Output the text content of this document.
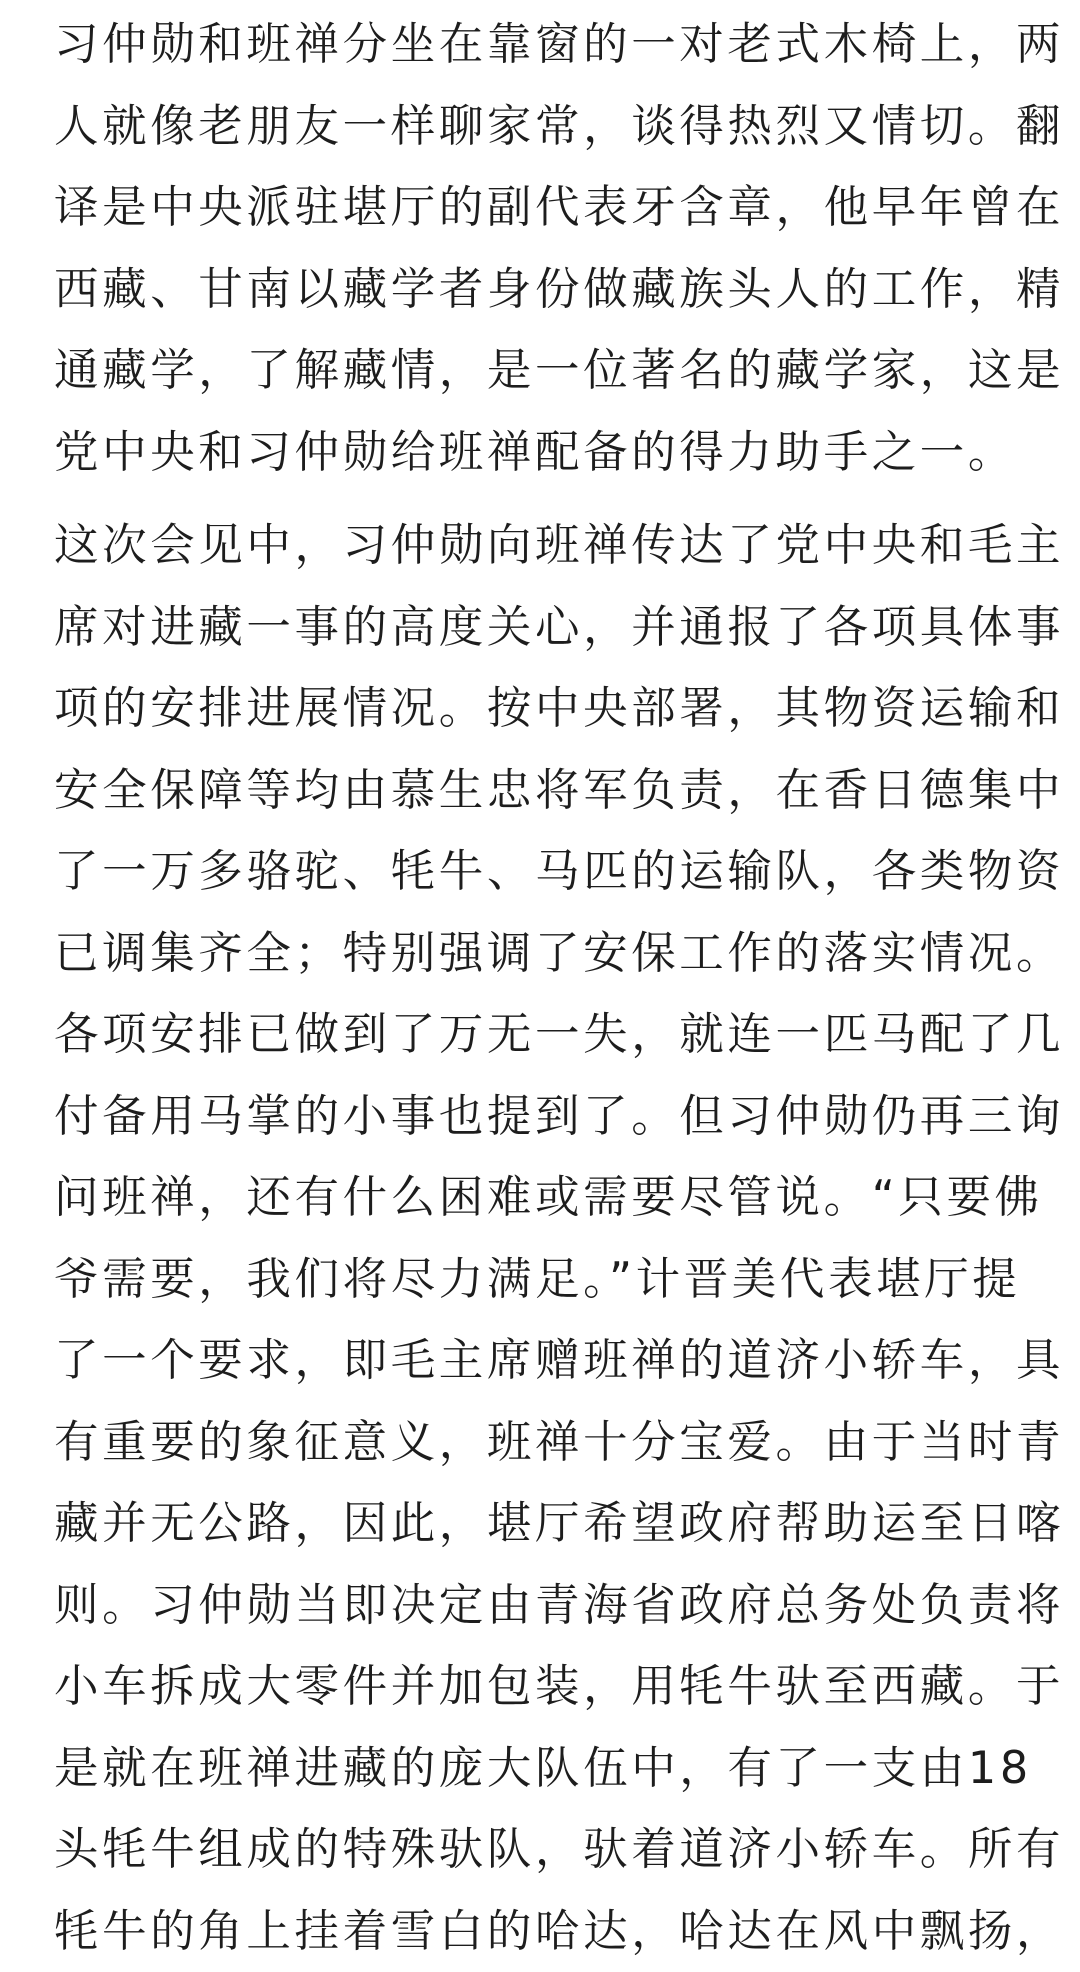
习仲勋和班禅分坐在靠窗的一对老式木椅上，两
人就像老朋友一样聊家常，谈得热烈又情切。翻
译是中央派驻堪厅的副代表牙含章，他早年曾在
西藏、甘南以藏学者身份做藏族头人的工作，精
通藏学，了解藏情，是一位著名的藏学家，这是
党中央和习仲勋给班禅配备的得力助手之一。

这次会见中，习仲勋向班禅传达了党中央和毛主
席对进藏一事的高度关心，并通报了各项具体事
项的安排进展情况。按中央部署，其物资运输和
安全保障等均由慕生忠将军负责，在香日德集中
了一万多骆驼、牦牛、马匹的运输队，各类物资
已调集齐全；特别强调了安保工作的落实情况。
各项安排已做到了万无一失，就连一匹马配了几
付备用马掌的小事也提到了。但习仲勋仍再三询
问班禅，还有什么困难或需要尽管说。“只要佛
爷需要，我们将尽力满足。”计晋美代表堪厅提
了一个要求，即毛主席赠班禅的道济小轿车，具
有重要的象征意义，班禅十分宝爱。由于当时青
藏并无公路，因此，堪厅希望政府帮助运至日喀
则。习仲勋当即决定由青海省政府总务处负责将
小车拆成大零件并加包装，用牦牛驮至西藏。于
是就在班禅进藏的庞大队伍中，有了一支由18
头牦牛组成的特殊驮队，驮着道济小轿车。所有
牦牛的角上挂着雪白的哈达，哈达在风中飘扬，
